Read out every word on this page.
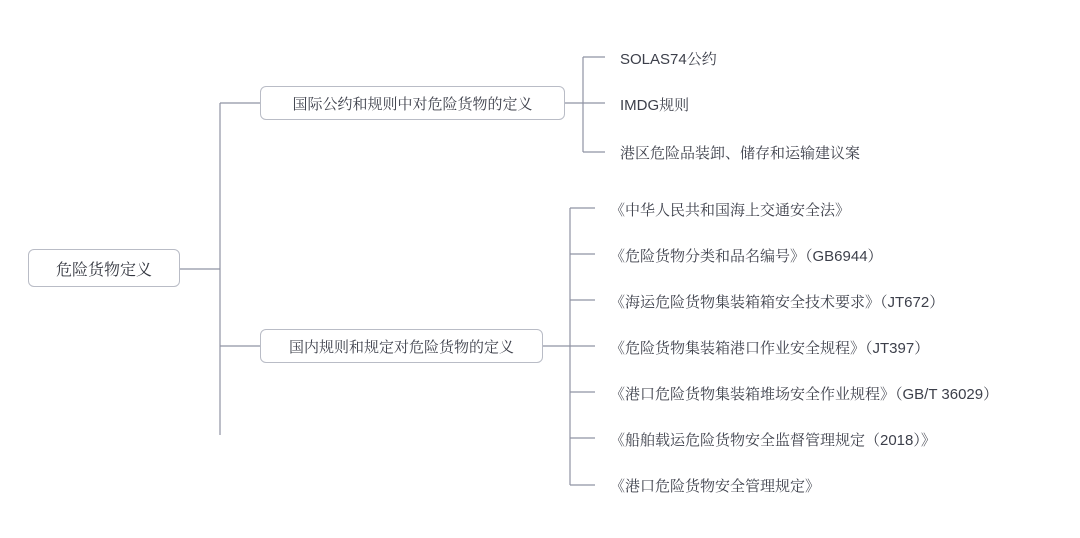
危险货物定义
国际公约和规则中对危险货物的定义
SOLAS74公约
IMDG规则
港区危险品装卸、储存和运输建议案
国内规则和规定对危险货物的定义
《中华人民共和国海上交通安全法》
《危险货物分类和品名编号》（GB6944）
《海运危险货物集装箱箱安全技术要求》（JT672）
《危险货物集装箱港口作业安全规程》（JT397）
《港口危险货物集装箱堆场安全作业规程》（GB/T 36029）
《船舶载运危险货物安全监督管理规定（2018）》
《港口危险货物安全管理规定》
